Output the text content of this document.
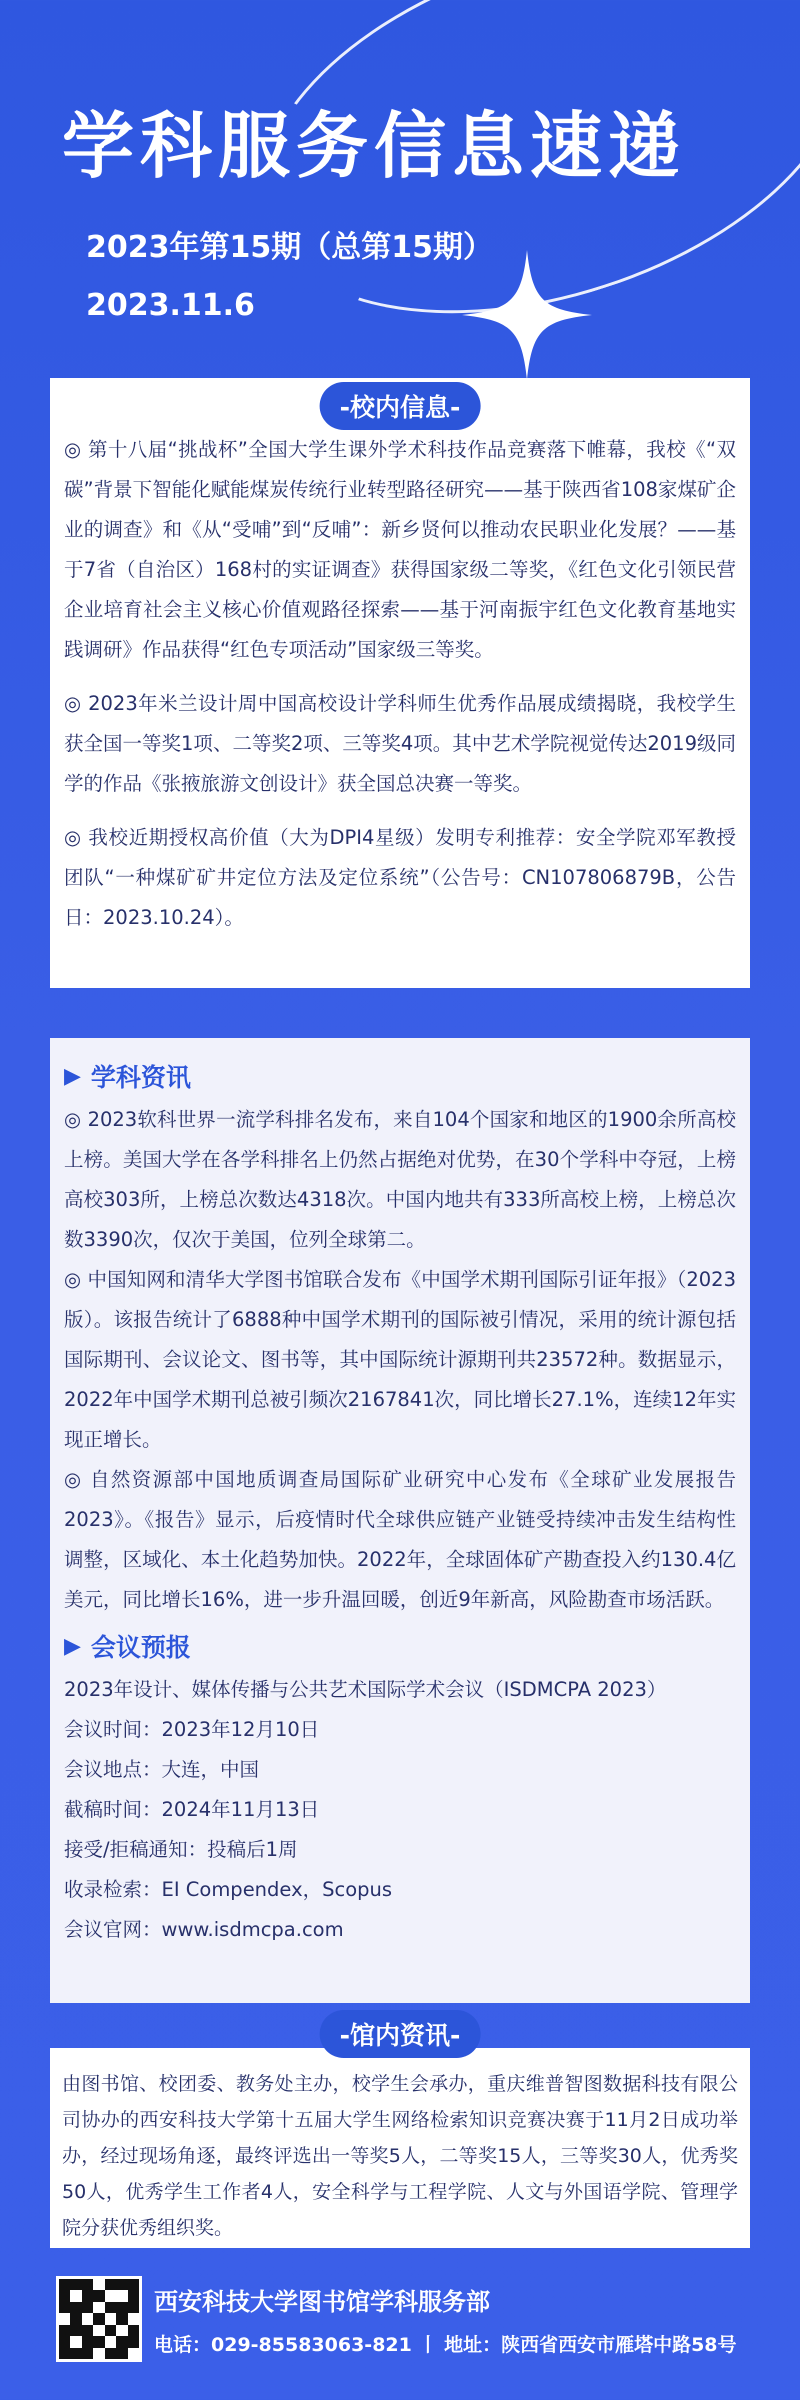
学科服务信息速递
2023年第15期（总第15期）
2023.11.6

◎ 第十八届“挑战杯”全国大学生课外学术科技作品竞赛落下帷幕，我校《“双碳”背景下智能化赋能煤炭传统行业转型路径研究——基于陕西省108家煤矿企业的调查》和《从“受哺”到“反哺”：新乡贤何以推动农民职业化发展？——基于7省（自治区）168村的实证调查》获得国家级二等奖，《红色文化引领民营企业培育社会主义核心价值观路径探索——基于河南振宇红色文化教育基地实践调研》作品获得“红色专项活动”国家级三等奖。

◎ 2023年米兰设计周中国高校设计学科师生优秀作品展成绩揭晓，我校学生获全国一等奖1项、二等奖2项、三等奖4项。其中艺术学院视觉传达2019级同学的作品《张掖旅游文创设计》获全国总决赛一等奖。

◎ 我校近期授权高价值（大为DPI4星级）发明专利推荐：安全学院邓军教授团队“一种煤矿矿井定位方法及定位系统”（公告号：CN107806879B，公告日：2023.10.24）。

-校内信息-
▶ 学科资讯

◎ 2023软科世界一流学科排名发布，来自104个国家和地区的1900余所高校上榜。美国大学在各学科排名上仍然占据绝对优势，在30个学科中夺冠，上榜高校303所，上榜总次数达4318次。中国内地共有333所高校上榜，上榜总次数3390次，仅次于美国，位列全球第二。

◎ 中国知网和清华大学图书馆联合发布《中国学术期刊国际引证年报》（2023版）。该报告统计了6888种中国学术期刊的国际被引情况，采用的统计源包括国际期刊、会议论文、图书等，其中国际统计源期刊共23572种。数据显示，2022年中国学术期刊总被引频次2167841次，同比增长27.1%，连续12年实现正增长。

◎ 自然资源部中国地质调查局国际矿业研究中心发布《全球矿业发展报告2023》。《报告》显示，后疫情时代全球供应链产业链受持续冲击发生结构性调整，区域化、本土化趋势加快。2022年，全球固体矿产勘查投入约130.4亿美元，同比增长16%，进一步升温回暖，创近9年新高，风险勘查市场活跃。

▶ 会议预报

2023年设计、媒体传播与公共艺术国际学术会议（ISDMCPA 2023）

会议时间：2023年12月10日

会议地点：大连，中国

截稿时间：2024年11月13日

接受/拒稿通知：投稿后1周

收录检索：EI Compendex，Scopus

会议官网：www.isdmcpa.com

由图书馆、校团委、教务处主办，校学生会承办，重庆维普智图数据科技有限公司协办的西安科技大学第十五届大学生网络检索知识竞赛决赛于11月2日成功举办，经过现场角逐，最终评选出一等奖5人，二等奖15人，三等奖30人，优秀奖50人，优秀学生工作者4人，安全科学与工程学院、人文与外国语学院、管理学院分获优秀组织奖。

-馆内资讯-
西安科技大学图书馆学科服务部
电话：029-85583063-821 丨 地址：陕西省西安市雁塔中路58号
